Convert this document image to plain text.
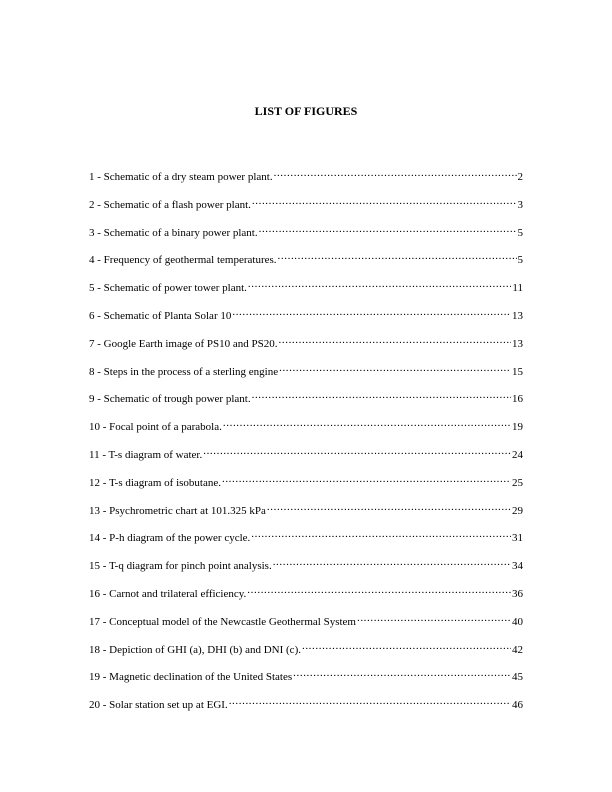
LIST OF FIGURES
1 - Schematic of a dry steam power plant. .....	2
2 - Schematic of a flash power plant. .....	3
3 - Schematic of a binary power plant. .....	5
4 - Frequency of geothermal temperatures. .....	5
5 - Schematic of power tower plant. .....	11
6 - Schematic of Planta Solar 10 .....	13
7 - Google Earth image of PS10 and PS20. .....	13
8 - Steps in the process of a sterling engine .....	15
9 - Schematic of trough power plant. .....	16
10 - Focal point of a parabola. .....	19
11 - T-s diagram of water. .....	24
12 - T-s diagram of isobutane. .....	25
13 - Psychrometric chart at 101.325 kPa .....	29
14 - P-h diagram of the power cycle. .....	31
15 - T-q diagram for pinch point analysis. .....	34
16 - Carnot and trilateral efficiency. .....	36
17 - Conceptual model of the Newcastle Geothermal System .....	40
18 - Depiction of GHI (a), DHI (b) and DNI (c). .....	42
19 - Magnetic declination of the United States .....	45
20 - Solar station set up at EGI. .....	46
